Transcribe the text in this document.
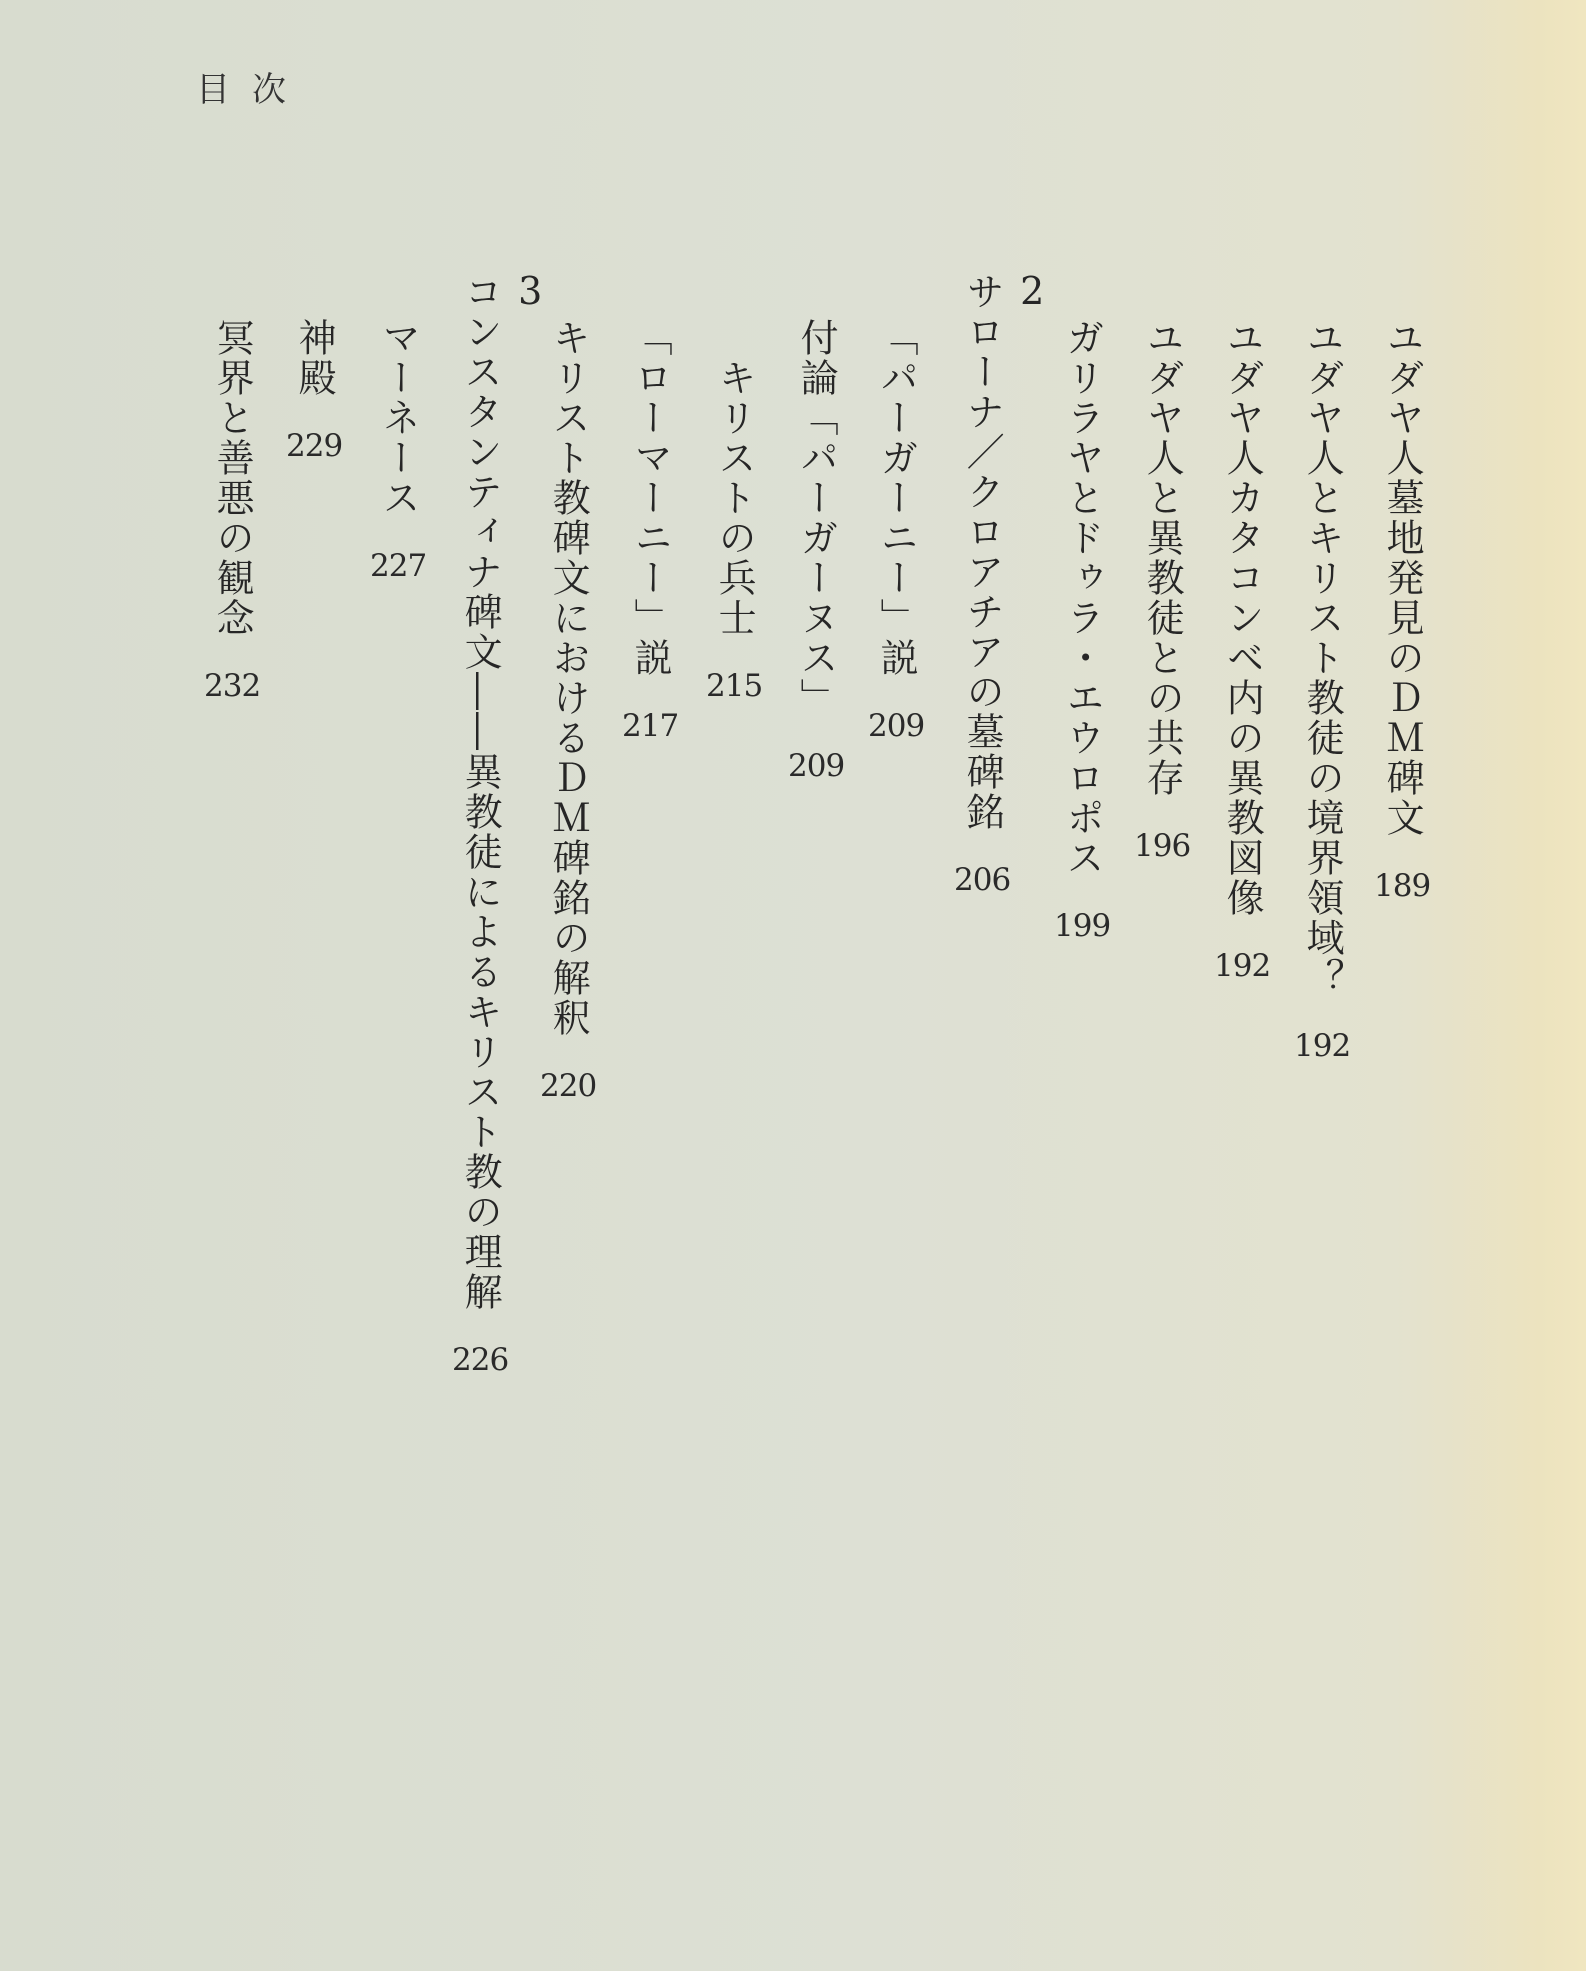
目次
ユダヤ人墓地発見のＤＭ碑文189
ユダヤ人とキリスト教徒の境界領域？192
ユダヤ人カタコンベ内の異教図像192
ユダヤ人と異教徒との共存196
ガリラヤとドゥラ・エウロポス199
2
サローナ／クロアチアの墓碑銘206
「パーガーニー」説209
付論「パーガーヌス」209
キリストの兵士215
「ローマーニー」説217
キリスト教碑文におけるＤＭ碑銘の解釈220
3
コンスタンティナ碑文――異教徒によるキリスト教の理解226
マーネース227
神殿229
冥界と善悪の観念232
